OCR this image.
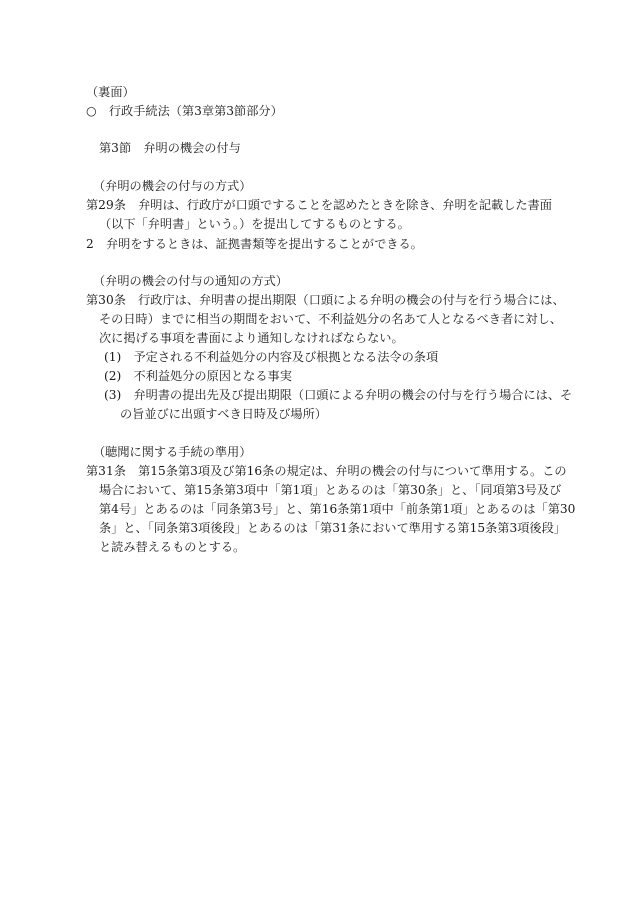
（裏面）
○　行政手続法（第3章第3節部分）
第3節　弁明の機会の付与
（弁明の機会の付与の方式）
第29条　弁明は、行政庁が口頭ですることを認めたときを除き、弁明を記載した書面
（以下「弁明書」という。）を提出してするものとする。
2　弁明をするときは、証拠書類等を提出することができる。
（弁明の機会の付与の通知の方式）
第30条　行政庁は、弁明書の提出期限（口頭による弁明の機会の付与を行う場合には、
その日時）までに相当の期間をおいて、不利益処分の名あて人となるべき者に対し、
次に掲げる事項を書面により通知しなければならない。
(1)　予定される不利益処分の内容及び根拠となる法令の条項
(2)　不利益処分の原因となる事実
(3)　弁明書の提出先及び提出期限（口頭による弁明の機会の付与を行う場合には、そ
の旨並びに出頭すべき日時及び場所）
（聴聞に関する手続の準用）
第31条　第15条第3項及び第16条の規定は、弁明の機会の付与について準用する。この
場合において、第15条第3項中「第1項」とあるのは「第30条」と、「同項第3号及び
第4号」とあるのは「同条第3号」と、第16条第1項中「前条第1項」とあるのは「第30
条」と、「同条第3項後段」とあるのは「第31条において準用する第15条第3項後段」
と読み替えるものとする。
